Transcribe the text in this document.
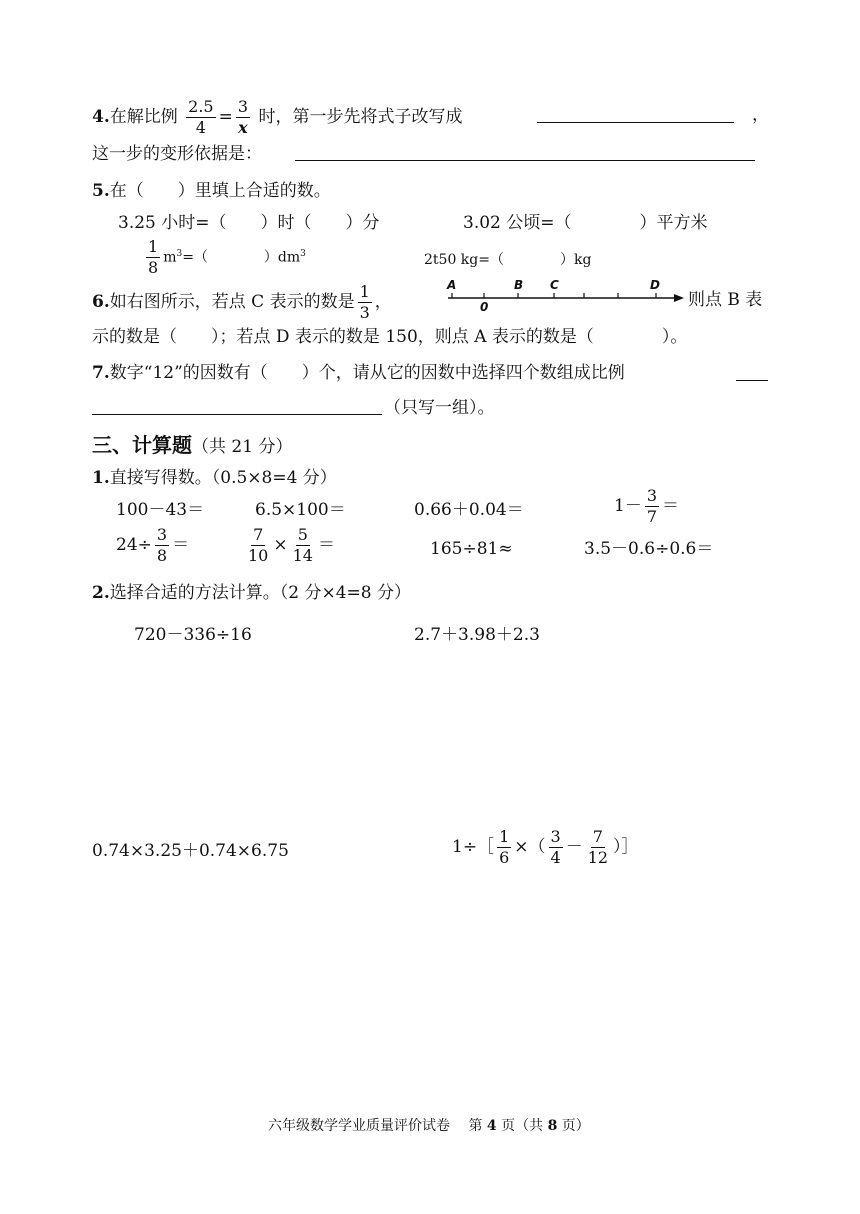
4.在解比例 $\frac{2.5}{4} = \frac{3}{x}$ 时，第一步先将式子改写成	，
这一步的变形依据是：
5.在（　　）里填上合适的数。
3.25 小时=（　　）时（　　）分	3.02 公顷=（　　　　）平方米
$\frac{1}{8} m^3=$（　　　　）$dm^3$	2t50 kg=（　　　　）kg
6.如右图所示，若点 C 表示的数是 $\frac{1}{3}$ ，
A	B C	D
0	则点 B 表
示的数是（　　）；若点 D 表示的数是 150，则点 A 表示的数是（　　　　）。
7.数字“12”的因数有（　　）个，请从它的因数中选择四个数组成比例
（只写一组）。
三、计算题（共 21 分）
1.直接写得数。（0.5×8=4 分）
100－43＝	6.5×100＝	0.66＋0.04＝	$1- \frac{3}{7}$ ＝
$24\div \frac{3}{8}$ ＝	$\frac{7}{10} \times \frac{5}{14}$ ＝	165÷81≈	3.5－0.6÷0.6＝
2.选择合适的方法计算。（2 分×4=8 分）
720－336÷16	2.7＋3.98＋2.3
0.74×3.25＋0.74×6.75	1÷［ $\frac{1}{6}$ ×（ $\frac{3}{4} - \frac{7}{12}$ ）］
六年级数学学业质量评价试卷　 第 4 页（共 8 页）
